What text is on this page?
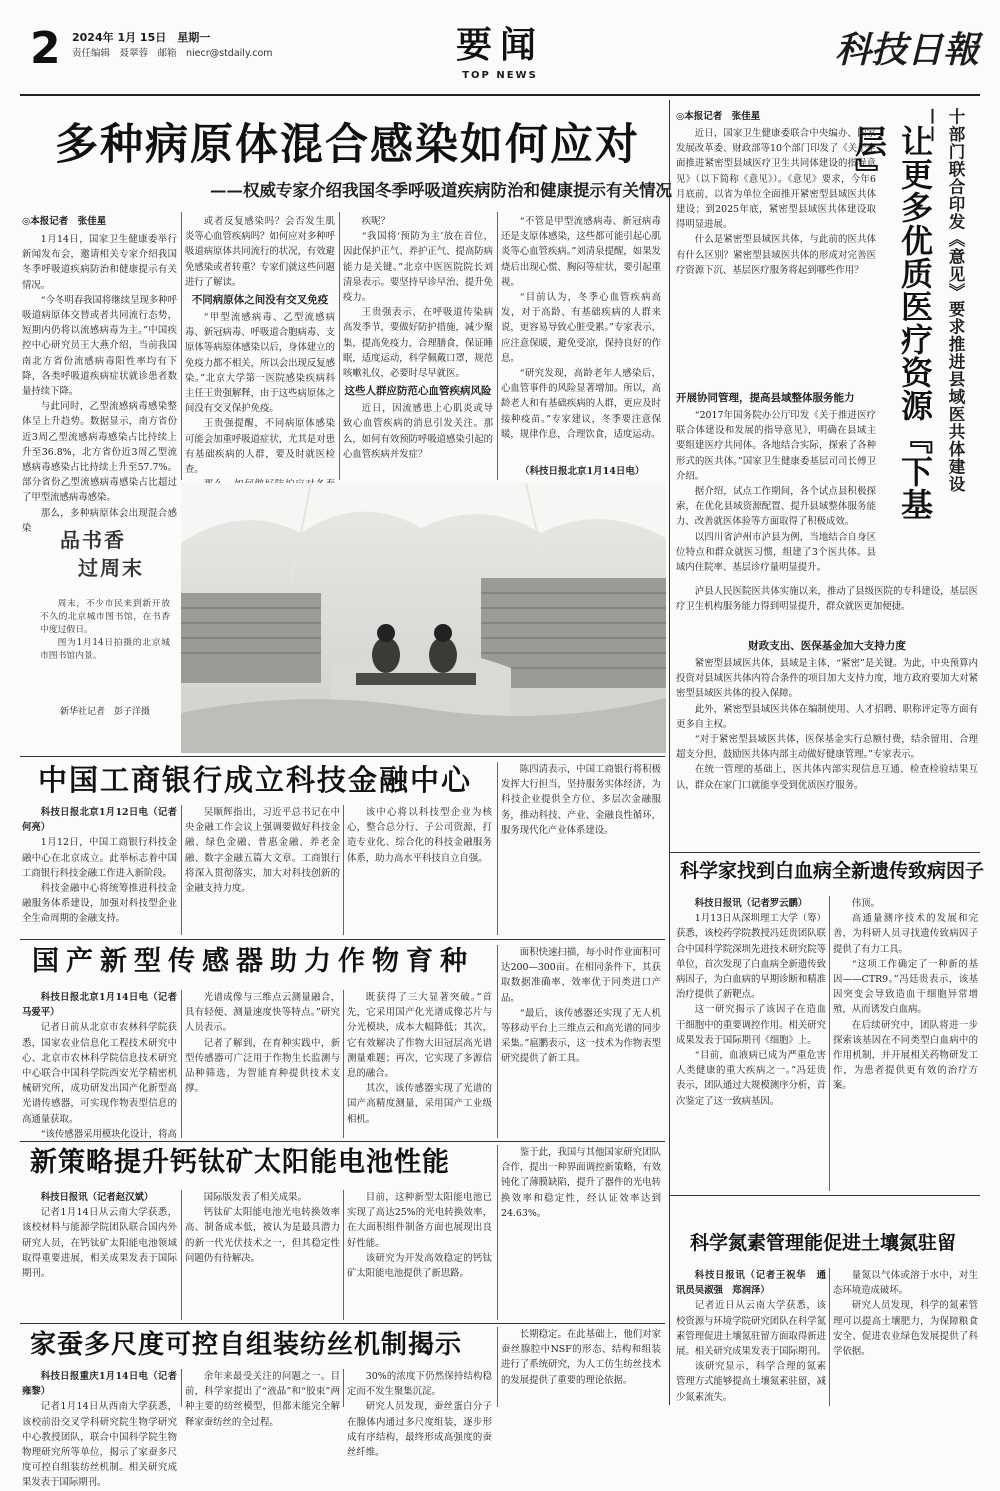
2 2024年 1月 15日　星期一
责任编辑　聂翠蓉　邮箱　niecr@stdaily.com	要闻
TOP NEWS
科技日報
多种病原体混合感染如何应对
——权威专家介绍我国冬季呼吸道疾病防治和健康提示有关情况
◎本报记者　张佳星

1月14日，国家卫生健康委举行新闻发布会，邀请相关专家介绍我国冬季呼吸道疾病防治和健康提示有关情况。

“今冬明春我国将继续呈现多种呼吸道病原体交替或者共同流行态势，短期内仍将以流感病毒为主。”中国疾控中心研究员王大燕介绍，当前我国南北方省份流感病毒阳性率均有下降，各类呼吸道疾病症状就诊患者数量持续下降。

与此同时，乙型流感病毒感染整体呈上升趋势。数据显示，南方省份近3周乙型流感病毒感染占比持续上升至36.8%，北方省份近3周乙型流感病毒感染占比持续上升至57.7%。部分省份乙型流感病毒感染占比超过了甲型流感病毒感染。

那么，多种病原体会出现混合感染

或者反复感染吗？会否发生肌炎等心血管疾病吗？如何应对多种呼吸道病原体共同流行的状况，有效避免感染或者转重？专家们就这些问题进行了解读。

不同病原体之间没有交叉免疫

“甲型流感病毒、乙型流感病毒、新冠病毒、呼吸道合胞病毒、支原体等病原体感染以后，身体建立的免疫力都不相关，所以会出现反复感染。”北京大学第一医院感染疾病科主任王贵强解释，由于这些病原体之间没有交叉保护免疫。

王贵强提醒，不同病原体感染可能会加重呼吸道症状，尤其是对患有基础疾病的人群，要及时就医检查。

疾呢？

“我国将‘预防为主’放在首位，因此保护正气、养护正气、提高防病能力是关键。”北京中医医院院长刘清泉表示。要坚持早诊早治、提升免疫力。

王贵强表示，在呼吸道传染病高发季节，要做好防护措施，减少聚集，提高免疫力，合理膳食，保证睡眠，适度运动，科学佩戴口罩，规范咳嗽礼仪，必要时尽早就医。

这些人群应防范心血管疾病风险

近日，因流感患上心肌炎或导致心血管疾病的消息引发关注。那么，如何有效预防呼吸道感染引起的心血管疾病并发症？

“不管是甲型流感病毒、新冠病毒还是支原体感染，这些都可能引起心肌炎等心血管疾病。”刘清泉提醒，如果发烧后出现心慌、胸闷等症状，要引起重视。

“目前认为，冬季心血管疾病高发，对于高龄、有基础疾病的人群来说，更容易导致心脏受累。”专家表示，应注意保暖，避免受凉，保持良好的作息。

“研究发现，高龄老年人感染后，心血管事件的风险显著增加。所以，高龄老人和有基础疾病的人群，更应及时接种疫苗。”专家建议，冬季要注意保暖，规律作息，合理饮食，适度运动。

（科技日报北京1月14日电）
品书香
过周末

周末，不少市民来到新开放不久的北京城市图书馆，在书香中度过假日。

图为1月14日拍摄的北京城市图书馆内景。

新华社记者　彭子洋摄
中国工商银行成立科技金融中心

科技日报北京1月12日电（记者何亮）

1月12日，中国工商银行科技金融中心在北京成立。此举标志着中国工商银行科技金融工作进入新阶段。

科技金融中心将统筹推进科技金融服务体系建设，加强对科技型企业全生命周期的金融支持。

吴顺辉指出，习近平总书记在中央金融工作会议上强调要做好科技金融、绿色金融、普惠金融、养老金融、数字金融五篇大文章。工商银行将深入贯彻落实，加大对科技创新的金融支持力度。

该中心将以科技型企业为核心，整合总分行、子公司资源，打造专业化、综合化的科技金融服务体系，助力高水平科技自立自强。

陈四清表示，中国工商银行将积极发挥大行担当，坚持服务实体经济，为科技企业提供全方位、多层次金融服务，推动科技、产业、金融良性循环，服务现代化产业体系建设。

国产新型传感器助力作物育种

科技日报北京1月14日电（记者马爱平）

记者日前从北京市农林科学院获悉，国家农业信息化工程技术研究中心、北京市农林科学院信息技术研究中心联合中国科学院西安光学精密机械研究所，成功研发出国产化新型高光谱传感器，可实现作物表型信息的高通量获取。

“该传感器采用模块化设计，将高

光谱成像与三维点云测量融合，具有轻便、测量速度快等特点。”研究人员表示。

记者了解到，在育种实践中，新型传感器可广泛用于作物生长监测与品种筛选，为智能育种提供技术支撑。

既获得了三大显著突破。”首先，它采用国产化光谱成像芯片与分光模块，成本大幅降低；其次，它有效解决了作物大田冠层高光谱测量难题；再次，它实现了多源信息的融合。

其次，该传感器实现了光谱的国产高精度测量，采用国产工业级相机。

面积快速扫描，每小时作业面积可达200—300亩。在相同条件下，其获取数据准确率、效率优于同类进口产品。

“最后，该传感器还实现了无人机等移动平台上三维点云和高光谱的同步采集。”扈鹏表示，这一技术为作物表型研究提供了新工具。

新策略提升钙钛矿太阳能电池性能

科技日报讯（记者赵汉斌）

记者1月14日从云南大学获悉，该校材料与能源学院团队联合国内外研究人员，在钙钛矿太阳能电池领域取得重要进展，相关成果发表于国际期刊。

国际版发表了相关成果。

钙钛矿太阳能电池光电转换效率高、制备成本低，被认为是最具潜力的新一代光伏技术之一，但其稳定性问题仍有待解决。

目前，这种新型太阳能电池已实现了高达25%的光电转换效率，在大面积组件制备方面也展现出良好性能。

该研究为开发高效稳定的钙钛矿太阳能电池提供了新思路。

鉴于此，我国与其他国家研究团队合作，提出一种界面调控新策略，有效钝化了薄膜缺陷，提升了器件的光电转换效率和稳定性，经认证效率达到24.63%。

家蚕多尺度可控自组装纺丝机制揭示

科技日报重庆1月14日电（记者雍黎）

记者1月14日从西南大学获悉，该校前沿交叉学科研究院生物学研究中心教授团队，联合中国科学院生物物理研究所等单位，揭示了家蚕多尺度可控自组装纺丝机制。相关研究成果发表于国际期刊。

余年来最受关注的问题之一。目前，科学家提出了“液晶”和“胶束”两种主要的纺丝模型，但都未能完全解释家蚕纺丝的全过程。

30%的浓度下仍然保持结构稳定而不发生聚集沉淀。

研究人员发现，蚕丝蛋白分子在腺体内通过多尺度组装，逐步形成有序结构，最终形成高强度的蚕丝纤维。

长期稳定。在此基础上，他们对家蚕丝腺腔中NSF的形态、结构和组装进行了系统研究，为人工仿生纺丝技术的发展提供了重要的理论依据。

◎本报记者　张佳星	十部门联合印发《意见》要求推进县域医共体建设——
让更多优质医疗资源『下基层』

近日，国家卫生健康委联合中央编办、国家发展改革委、财政部等10个部门印发了《关于全面推进紧密型县域医疗卫生共同体建设的指导意见》（以下简称《意见》）。《意见》要求，今年6月底前，以省为单位全面推开紧密型县域医共体建设；到2025年底，紧密型县域医共体建设取得明显进展。

什么是紧密型县域医共体，与此前的医共体有什么区别？紧密型县域医共体的形成对完善医疗资源下沉、基层医疗服务将起到哪些作用？

开展协同管理，提高县域整体服务能力

“2017年国务院办公厅印发《关于推进医疗联合体建设和发展的指导意见》，明确在县域主要组建医疗共同体。各地结合实际，探索了各种形式的医共体。”国家卫生健康委基层司司长傅卫介绍。

据介绍，试点工作期间，各个试点县积极探索，在优化县域资源配置、提升县域整体服务能力、改善就医体验等方面取得了积极成效。

以四川省泸州市泸县为例，当地结合自身区位特点和群众就医习惯，组建了3个医共体。县域内住院率、基层诊疗量明显提升。

泸县人民医院医共体实施以来，推动了县级医院的专科建设，基层医疗卫生机构服务能力得到明显提升，群众就医更加便捷。

财政支出、医保基金加大支持力度

紧密型县域医共体，县域是主体，“紧密”是关键。为此，中央预算内投资对县域医共体内符合条件的项目加大支持力度，地方政府要加大对紧密型县域医共体的投入保障。

此外，紧密型县域医共体在编制使用、人才招聘、职称评定等方面有更多自主权。

“对于紧密型县域医共体，医保基金实行总额付费，结余留用、合理超支分担，鼓励医共体内部主动做好健康管理。”专家表示。

在统一管理的基础上，医共体内部实现信息互通、检查检验结果互认，群众在家门口就能享受到优质医疗服务。

科学家找到白血病全新遗传致病因子

科技日报讯（记者罗云鹏）

1月13日从深圳理工大学（筹）获悉，该校药学院教授冯廷贵团队联合中国科学院深圳先进技术研究院等单位，首次发现了白血病全新遗传致病因子，为白血病的早期诊断和精准治疗提供了新靶点。

这一研究揭示了该因子在造血干细胞中的重要调控作用。相关研究成果发表于国际期刊《细胞》上。

“目前，血液病已成为严重危害人类健康的重大疾病之一。”冯廷贵表示，团队通过大规模测序分析，首次鉴定了这一致病基因。

伟顶。

高通量测序技术的发展和完善，为科研人员寻找遗传致病因子提供了有力工具。

“这项工作确定了一种新的基因——CTR9。”冯廷贵表示，该基因突变会导致造血干细胞异常增殖，从而诱发白血病。

在后续研究中，团队将进一步探索该基因在不同类型白血病中的作用机制，并开展相关药物研发工作，为患者提供更有效的治疗方案。

科学氮素管理能促进土壤氮驻留

科技日报讯（记者王祝华　通讯员吴淑强　郑润泽）

记者近日从云南大学获悉，该校资源与环境学院研究团队在科学氮素管理促进土壤氮驻留方面取得新进展。相关研究成果发表于国际期刊。

该研究显示，科学合理的氮素管理方式能够提高土壤氮素驻留，减少氮素流失。

量氮以气体或溶于水中，对生态环境造成破坏。

研究人员发现，科学的氮素管理可以提高土壤肥力，为保障粮食安全、促进农业绿色发展提供了科学依据。
